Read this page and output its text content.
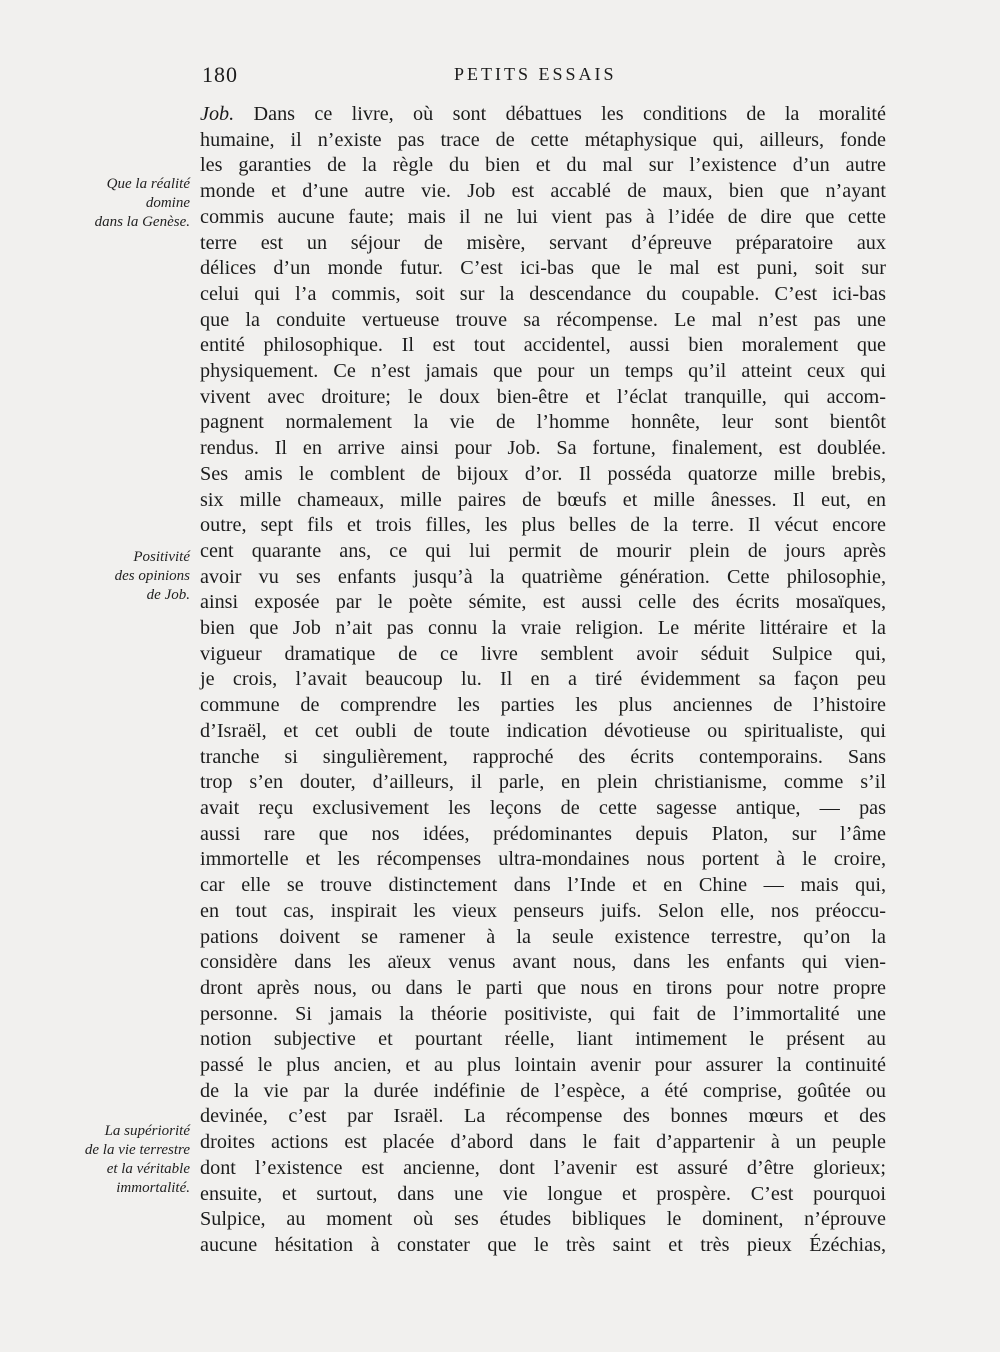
180	PETITS ESSAIS
Que la réalité
domine
dans la Genèse.
Positivité
des opinions
de Job.
La supériorité
de la vie terrestre
et la véritable
immortalité.
Job. Dans ce livre, où sont débattues les conditions de la moralité
humaine, il n’existe pas trace de cette métaphysique qui, ailleurs, fonde
les garanties de la règle du bien et du mal sur l’existence d’un autre
monde et d’une autre vie. Job est accablé de maux, bien que n’ayant
commis aucune faute; mais il ne lui vient pas à l’idée de dire que cette
terre est un séjour de misère, servant d’épreuve préparatoire aux
délices d’un monde futur. C’est ici-bas que le mal est puni, soit sur
celui qui l’a commis, soit sur la descendance du coupable. C’est ici-bas
que la conduite vertueuse trouve sa récompense. Le mal n’est pas une
entité philosophique. Il est tout accidentel, aussi bien moralement que
physiquement. Ce n’est jamais que pour un temps qu’il atteint ceux qui
vivent avec droiture; le doux bien-être et l’éclat tranquille, qui accom-
pagnent normalement la vie de l’homme honnête, leur sont bientôt
rendus. Il en arrive ainsi pour Job. Sa fortune, finalement, est doublée.
Ses amis le comblent de bijoux d’or. Il posséda quatorze mille brebis,
six mille chameaux, mille paires de bœufs et mille ânesses. Il eut, en
outre, sept fils et trois filles, les plus belles de la terre. Il vécut encore
cent quarante ans, ce qui lui permit de mourir plein de jours après
avoir vu ses enfants jusqu’à la quatrième génération. Cette philosophie,
ainsi exposée par le poète sémite, est aussi celle des écrits mosaïques,
bien que Job n’ait pas connu la vraie religion. Le mérite littéraire et la
vigueur dramatique de ce livre semblent avoir séduit Sulpice qui,
je crois, l’avait beaucoup lu. Il en a tiré évidemment sa façon peu
commune de comprendre les parties les plus anciennes de l’histoire
d’Israël, et cet oubli de toute indication dévotieuse ou spiritualiste, qui
tranche si singulièrement, rapproché des écrits contemporains. Sans
trop s’en douter, d’ailleurs, il parle, en plein christianisme, comme s’il
avait reçu exclusivement les leçons de cette sagesse antique, — pas
aussi rare que nos idées, prédominantes depuis Platon, sur l’âme
immortelle et les récompenses ultra-mondaines nous portent à le croire,
car elle se trouve distinctement dans l’Inde et en Chine — mais qui,
en tout cas, inspirait les vieux penseurs juifs. Selon elle, nos préoccu-
pations doivent se ramener à la seule existence terrestre, qu’on la
considère dans les aïeux venus avant nous, dans les enfants qui vien-
dront après nous, ou dans le parti que nous en tirons pour notre propre
personne. Si jamais la théorie positiviste, qui fait de l’immortalité une
notion subjective et pourtant réelle, liant intimement le présent au
passé le plus ancien, et au plus lointain avenir pour assurer la continuité
de la vie par la durée indéfinie de l’espèce, a été comprise, goûtée ou
devinée, c’est par Israël. La récompense des bonnes mœurs et des
droites actions est placée d’abord dans le fait d’appartenir à un peuple
dont l’existence est ancienne, dont l’avenir est assuré d’être glorieux;
ensuite, et surtout, dans une vie longue et prospère. C’est pourquoi
Sulpice, au moment où ses études bibliques le dominent, n’éprouve
aucune hésitation à constater que le très saint et très pieux Ézéchias,
